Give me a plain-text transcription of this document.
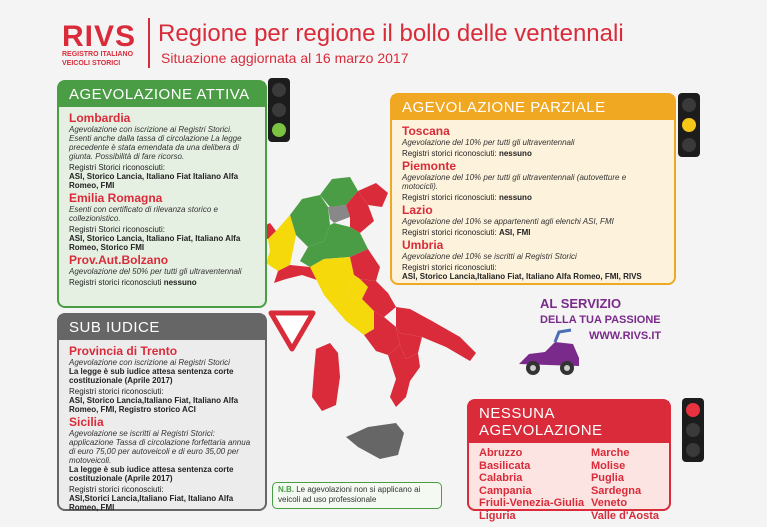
RIVS
REGISTRO ITALIANO
VEICOLI STORICI
Regione per regione il bollo delle ventennali
Situazione aggiornata al 16 marzo 2017
AGEVOLAZIONE ATTIVA
Lombardia
Agevolazione con iscrizione ai Registri Storici. Esenti anche dalla tassa di circolazione La legge precedente è stata emendata da una delibera di giunta. Possibilità di fare ricorso.
Registri Storici riconosciuti:
ASI, Storico Lancia, Italiano Fiat Italiano Alfa Romeo, FMI
Emilia Romagna
Esenti con certificato di rilevanza storico e collezionistico.
Registri Storici riconosciuti:
ASI, Storico Lancia, Italiano Fiat, Italiano Alfa Romeo, Storico FMI
Prov.Aut.Bolzano
Agevolazione del 50% per tutti gli ultraventennali
Registri storici riconosciuti nessuno
AGEVOLAZIONE PARZIALE
Toscana
Agevolazione del 10% per tutti gli ultraventennali
Registri storici riconosciuti: nessuno
Piemonte
Agevolazione del 10% per tutti gli ultraventennali (autovetture e motocicli).
Registri storici riconosciuti: nessuno
Lazio
Agevolazione del 10% se appartenenti agli elenchi ASI, FMI
Registri storici riconosciuti: ASI, FMI
Umbria
Agevolazione del 10% se iscritti ai Registri Storici
Registri storici riconosciuti:
ASI, Storico Lancia,Italiano Fiat, Italiano Alfa Romeo, FMI, RIVS
AL SERVIZIO
DELLA TUA PASSIONE
WWW.RIVS.IT
SUB IUDICE
Provincia di Trento
Agevolazione con iscrizione ai Registri Storici
La legge è sub iudice attesa sentenza corte costituzionale (Aprile 2017)
Registri storici riconosciuti:
ASI, Storico Lancia,Italiano Fiat, Italiano Alfa Romeo, FMI, Registro storico ACI
Sicilia
Agevolazione se iscritti ai Registri Storici: applicazione Tassa di circolazione forfettaria annua di euro 75,00 per autoveicoli e di euro 35,00 per motoveicoli.
La legge è sub iudice attesa sentenza corte costituzionale (Aprile 2017)
Registri storici riconosciuti:
ASI,Storici Lancia,Italiano Fiat, Italiano Alfa Romeo, FMI
N.B. Le agevolazioni non si applicano ai veicoli ad uso professionale
NESSUNA AGEVOLAZIONE
Abruzzo
Basilicata
Calabria
Campania
Friuli-Venezia-Giulia
Liguria
Marche
Molise
Puglia
Sardegna
Veneto
Valle d'Aosta
